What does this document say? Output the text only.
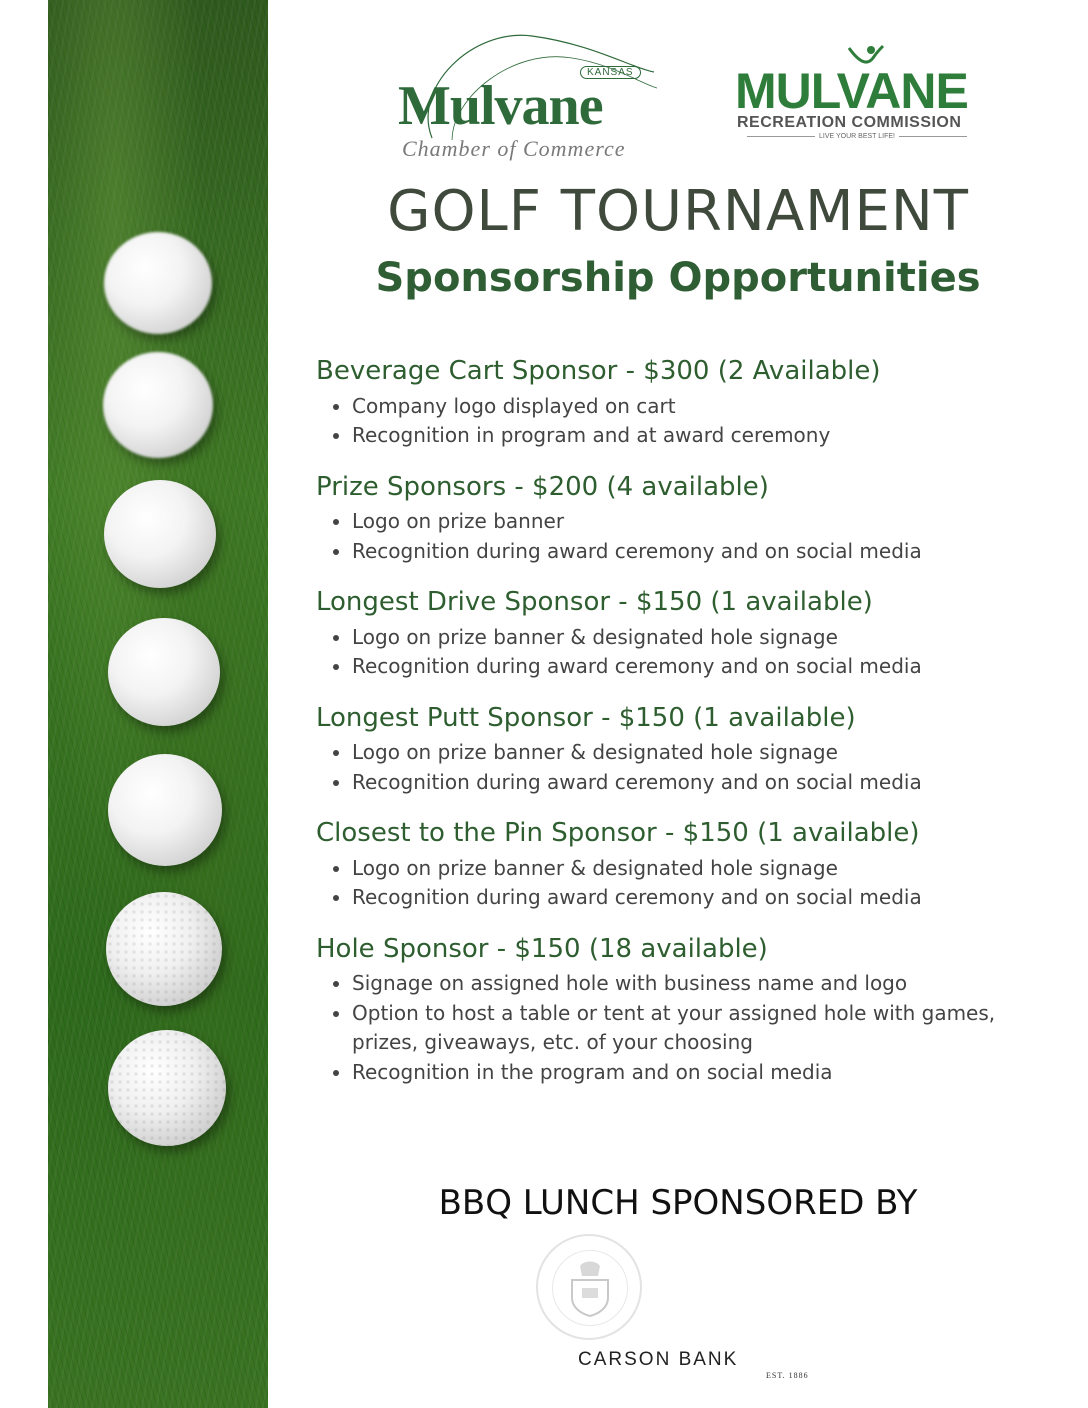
KANSAS
Mulvane
Chamber of Commerce
MULVANE
RECREATION COMMISSION
LIVE YOUR BEST LIFE!
GOLF TOURNAMENT
Sponsorship Opportunities
Beverage Cart Sponsor - $300 (2 Available)
• Company logo displayed on cart
• Recognition in program and at award ceremony
Prize Sponsors - $200 (4 available)
• Logo on prize banner
• Recognition during award ceremony and on social media
Longest Drive Sponsor - $150 (1 available)
• Logo on prize banner & designated hole signage
• Recognition during award ceremony and on social media
Longest Putt Sponsor - $150 (1 available)
• Logo on prize banner & designated hole signage
• Recognition during award ceremony and on social media
Closest to the Pin Sponsor - $150 (1 available)
• Logo on prize banner & designated hole signage
• Recognition during award ceremony and on social media
Hole Sponsor - $150 (18 available)
• Signage on assigned hole with business name and logo
• Option to host a table or tent at your assigned hole with games, prizes, giveaways, etc. of your choosing
• Recognition in the program and on social media
BBQ LUNCH SPONSORED BY
CARSON BANK
EST. 1886
